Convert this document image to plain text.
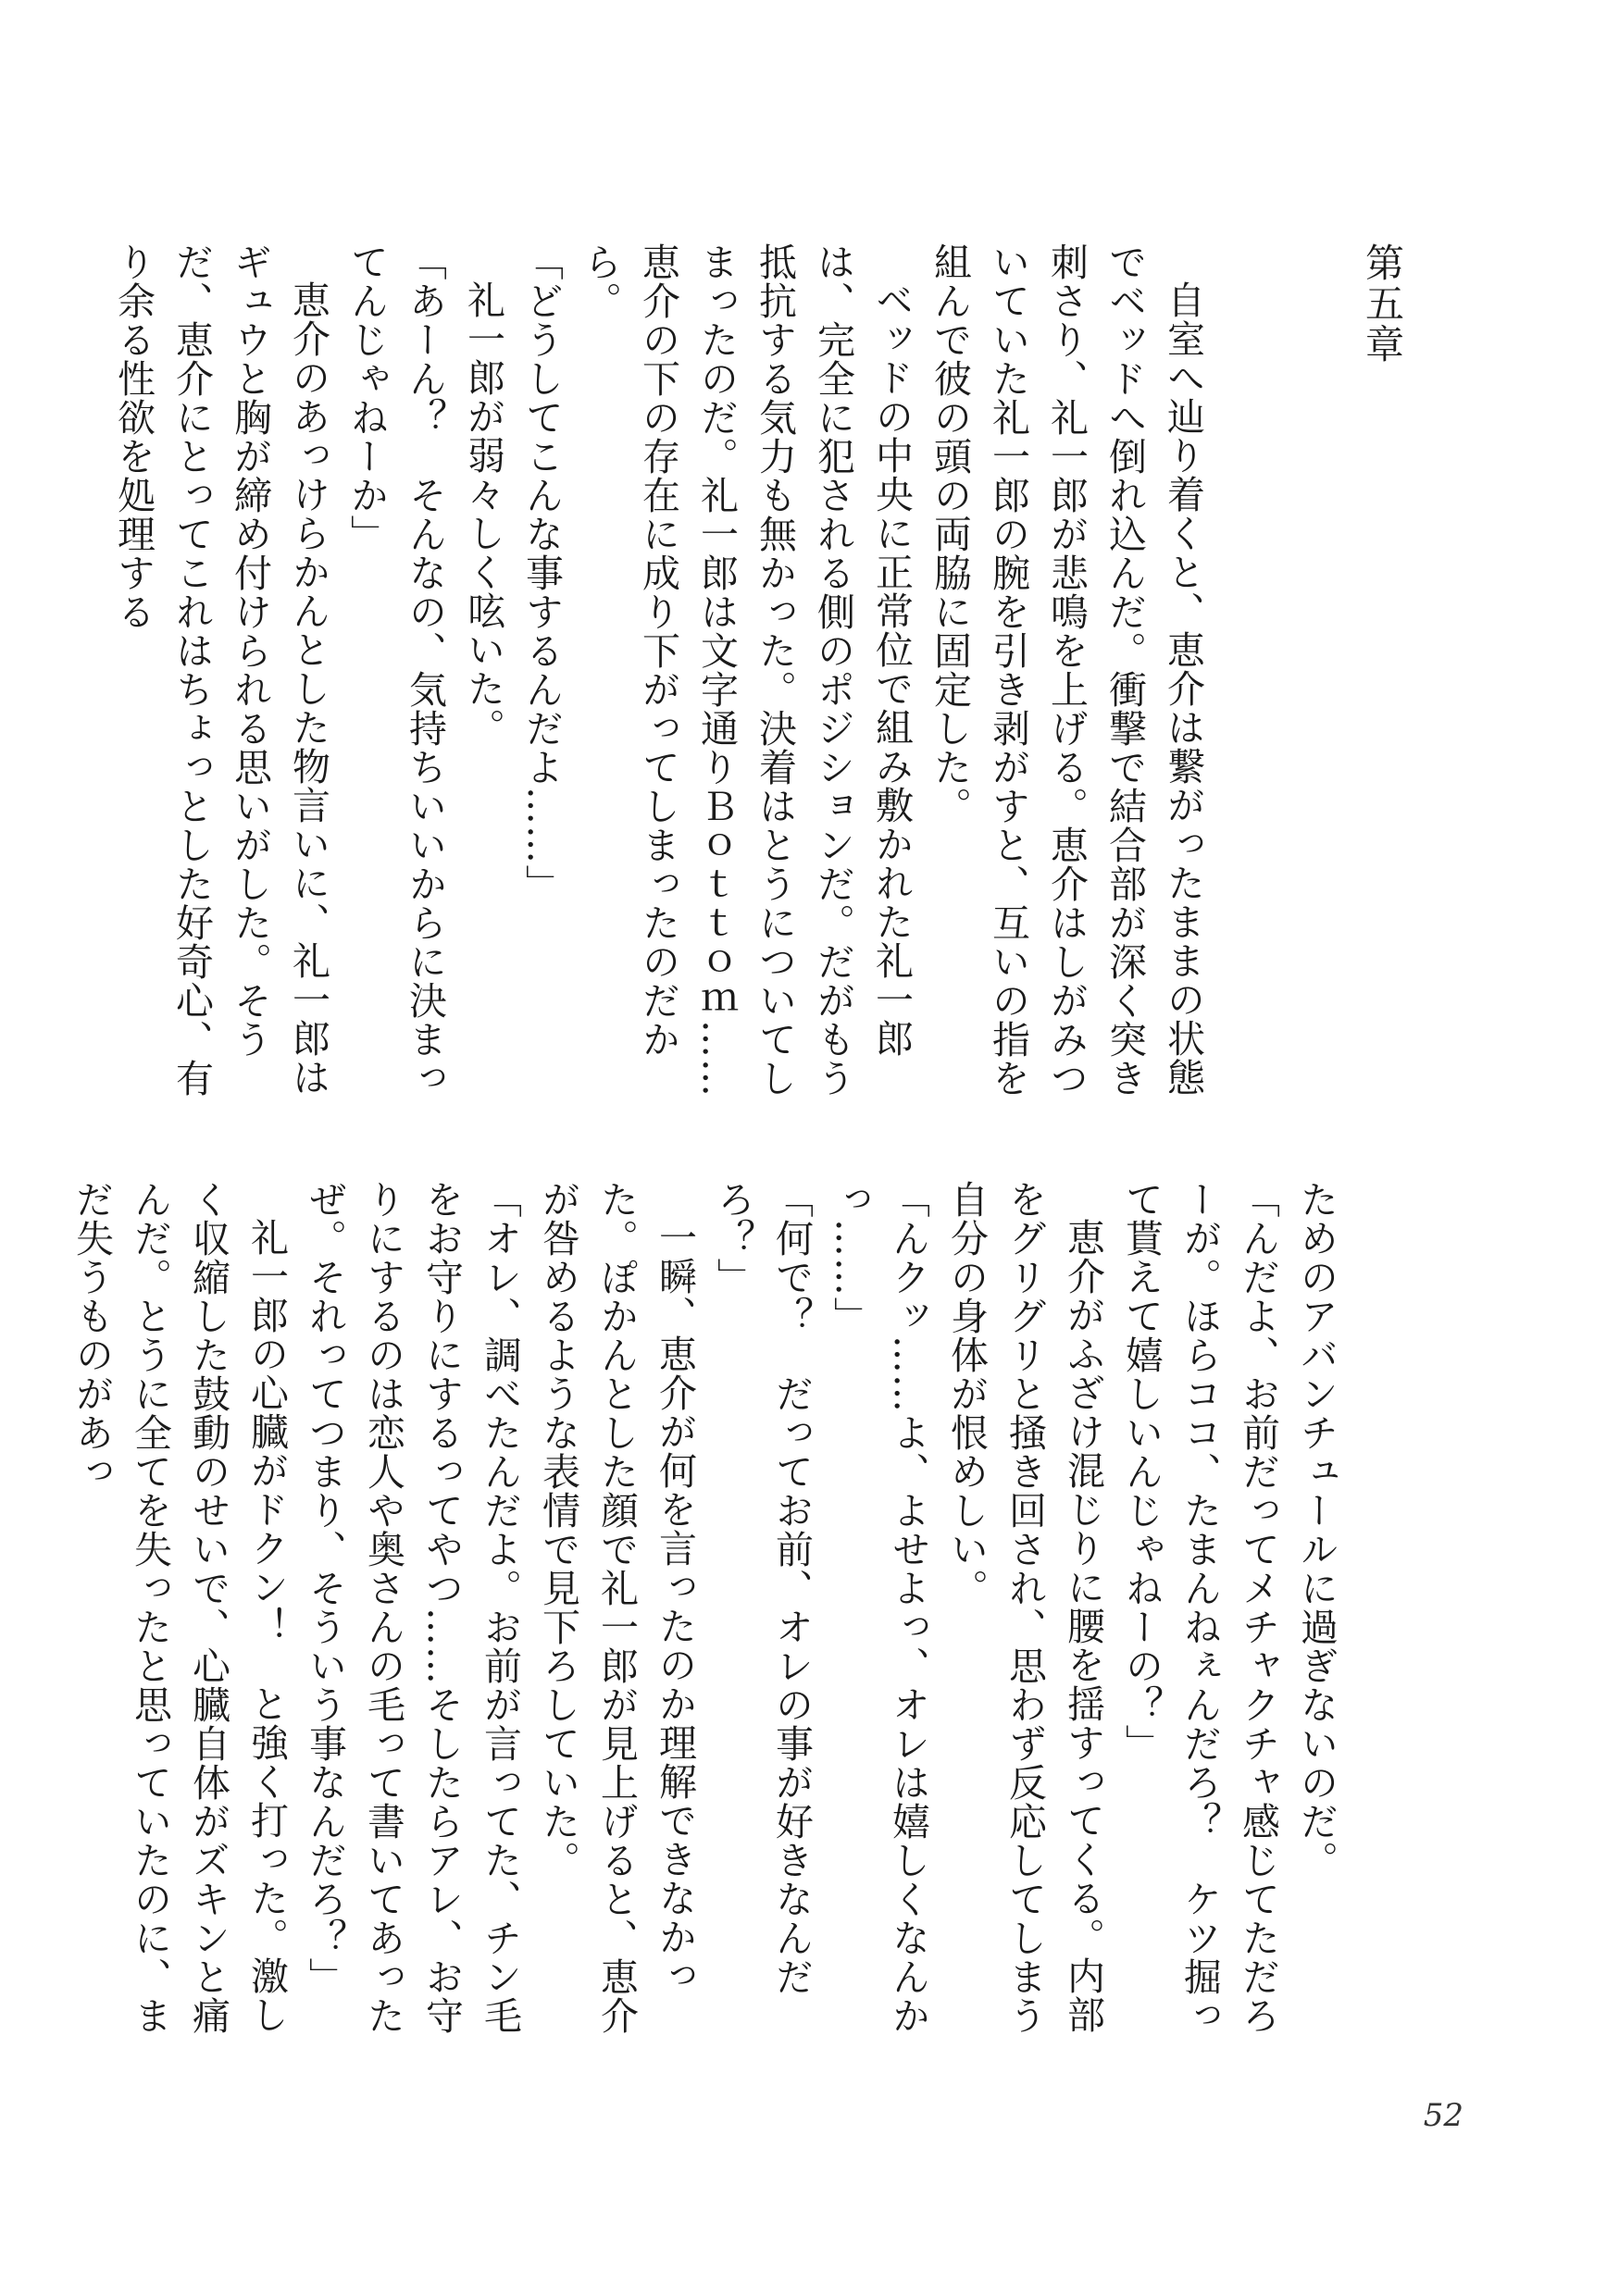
第五章

自室へ辿り着くと、恵介は繋がったままの状態でベッドへ倒れ込んだ。衝撃で結合部が深く突き刺さり、礼一郎が悲鳴を上げる。恵介はしがみついていた礼一郎の腕を引き剥がすと、互いの指を組んで彼の頭の両脇に固定した。

ベッドの中央に正常位で組み敷かれた礼一郎は、完全に犯される側のポジションだ。だがもう抵抗する気力も無かった。決着はとうについてしまったのだ。礼一郎は文字通りＢｏｔｔｏｍ……恵介の下の存在に成り下がってしまったのだから。

「どうしてこんな事するんだよ……」

礼一郎が弱々しく呟いた。

「あーん？　そんなの、気持ちいいからに決まってんじゃねーか」

恵介のあっけらかんとした物言いに、礼一郎はギュウと胸が締め付けられる思いがした。そうだ、恵介にとってこれはちょっとした好奇心、有り余る性欲を処理する

ためのアバンチュールに過ぎないのだ。

「んだよ、お前だってメチャクチャ感じてただろーが。ほらココ、たまんねぇんだろ？　ケツ掘って貰えて嬉しいんじゃねーの？」

恵介がふざけ混じりに腰を揺すってくる。内部をグリグリと掻き回され、思わず反応してしまう自分の身体が恨めしい。

「んクッ……よ、よせよっ、オレは嬉しくなんかっ……」

「何で？　だってお前、オレの事が好きなんだろ？」

一瞬、恵介が何を言ったのか理解できなかった。ぽかんとした顔で礼一郎が見上げると、恵介が咎めるような表情で見下ろしていた。

「オレ、調べたんだよ。お前が言ってた、チン毛をお守りにするってやつ……そしたらアレ、お守りにするのは恋人や奥さんの毛って書いてあったぜ。それってつまり、そういう事なんだろ？」

礼一郎の心臓がドクン！　と強く打った。激しく収縮した鼓動のせいで、心臓自体がズキンと痛んだ。とうに全てを失ったと思っていたのに、まだ失うものがあっ

52
